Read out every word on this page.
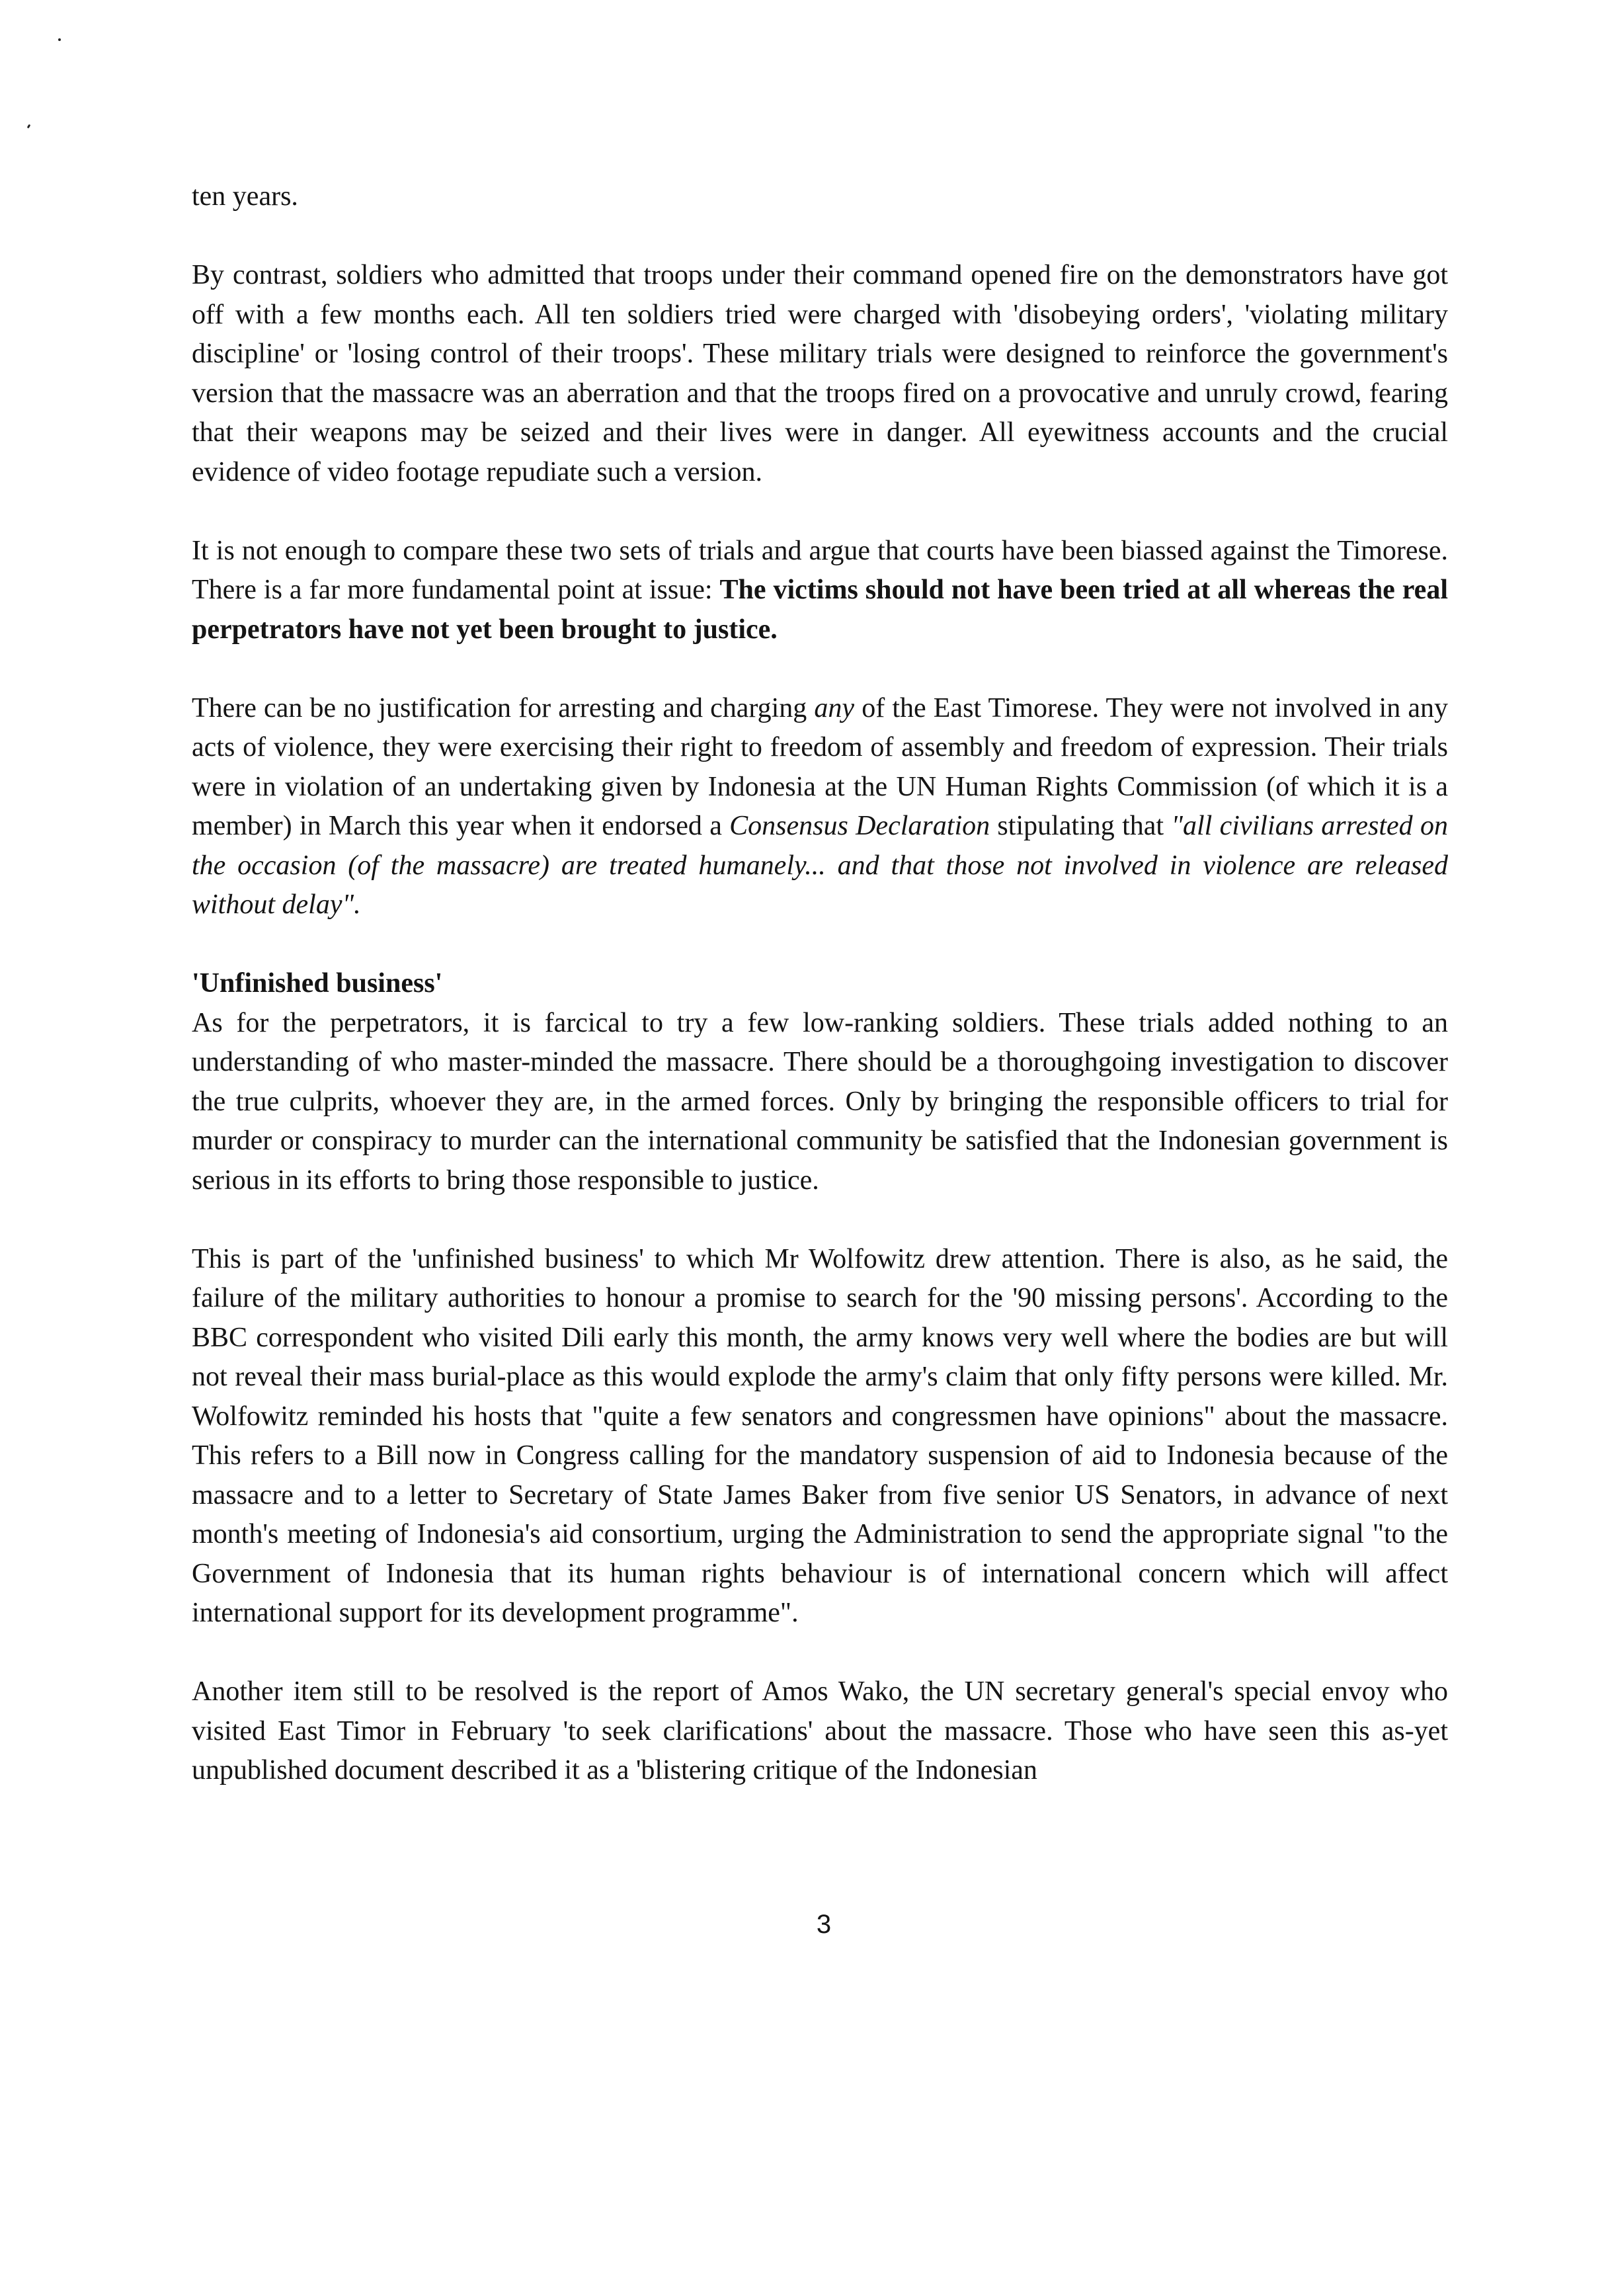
ten years.

By contrast, soldiers who admitted that troops under their command opened fire on the demonstrators have got off with a few months each. All ten soldiers tried were charged with 'disobeying orders', 'violating military discipline' or 'losing control of their troops'. These military trials were designed to reinforce the government's version that the massacre was an aberration and that the troops fired on a provocative and unruly crowd, fearing that their weapons may be seized and their lives were in danger. All eyewitness accounts and the crucial evidence of video footage repudiate such a version.

It is not enough to compare these two sets of trials and argue that courts have been biassed against the Timorese. There is a far more fundamental point at issue: The victims should not have been tried at all whereas the real perpetrators have not yet been brought to justice.

There can be no justification for arresting and charging any of the East Timorese. They were not involved in any acts of violence, they were exercising their right to freedom of assembly and freedom of expression. Their trials were in violation of an undertaking given by Indonesia at the UN Human Rights Commission (of which it is a member) in March this year when it endorsed a Consensus Declaration stipulating that "all civilians arrested on the occasion (of the massacre) are treated humanely... and that those not involved in violence are released without delay".

'Unfinished business'

As for the perpetrators, it is farcical to try a few low-ranking soldiers. These trials added nothing to an understanding of who master-minded the massacre. There should be a thoroughgoing investigation to discover the true culprits, whoever they are, in the armed forces. Only by bringing the responsible officers to trial for murder or conspiracy to murder can the international community be satisfied that the Indonesian government is serious in its efforts to bring those responsible to justice.

This is part of the 'unfinished business' to which Mr Wolfowitz drew attention. There is also, as he said, the failure of the military authorities to honour a promise to search for the '90 missing persons'. According to the BBC correspondent who visited Dili early this month, the army knows very well where the bodies are but will not reveal their mass burial-place as this would explode the army's claim that only fifty persons were killed. Mr. Wolfowitz reminded his hosts that "quite a few senators and congressmen have opinions" about the massacre. This refers to a Bill now in Congress calling for the mandatory suspension of aid to Indonesia because of the massacre and to a letter to Secretary of State James Baker from five senior US Senators, in advance of next month's meeting of Indonesia's aid consortium, urging the Administration to send the appropriate signal "to the Government of Indonesia that its human rights behaviour is of international concern which will affect international support for its development programme".

Another item still to be resolved is the report of Amos Wako, the UN secretary general's special envoy who visited East Timor in February 'to seek clarifications' about the massacre. Those who have seen this as-yet unpublished document described it as a 'blistering critique of the Indonesian

3
